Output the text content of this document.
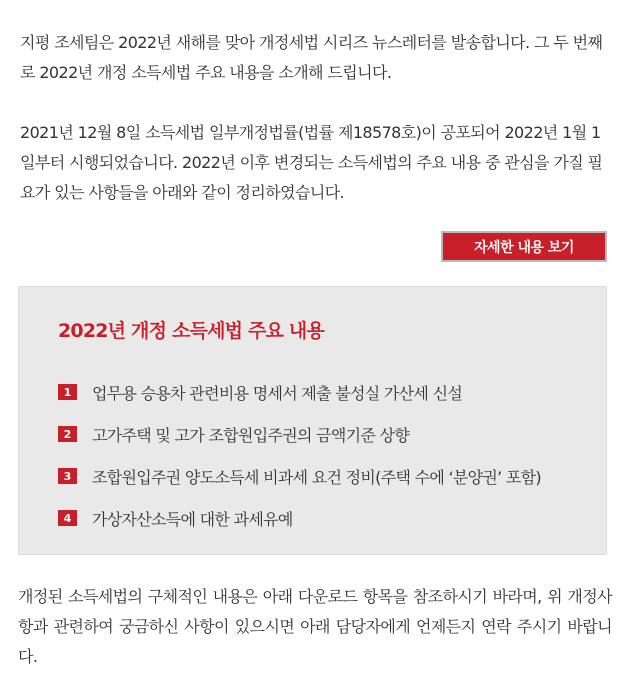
지평 조세팀은 2022년 새해를 맞아 개정세법 시리즈 뉴스레터를 발송합니다. 그 두 번째로 2022년 개정 소득세법 주요 내용을 소개해 드립니다.

2021년 12월 8일 소득세법 일부개정법률(법률 제18578호)이 공포되어 2022년 1월 1일부터 시행되었습니다. 2022년 이후 변경되는 소득세법의 주요 내용 중 관심을 가질 필요가 있는 사항들을 아래와 같이 정리하였습니다.

자세한 내용 보기
2022년 개정 소득세법 주요 내용
1	업무용 승용차 관련비용 명세서 제출 불성실 가산세 신설
2	고가주택 및 고가 조합원입주권의 금액기준 상향
3	조합원입주권 양도소득세 비과세 요건 정비(주택 수에 ‘분양권’ 포함)
4	가상자산소득에 대한 과세유예

개정된 소득세법의 구체적인 내용은 아래 다운로드 항목을 참조하시기 바라며, 위 개정사항과 관련하여 궁금하신 사항이 있으시면 아래 담당자에게 언제든지 연락 주시기 바랍니다.
